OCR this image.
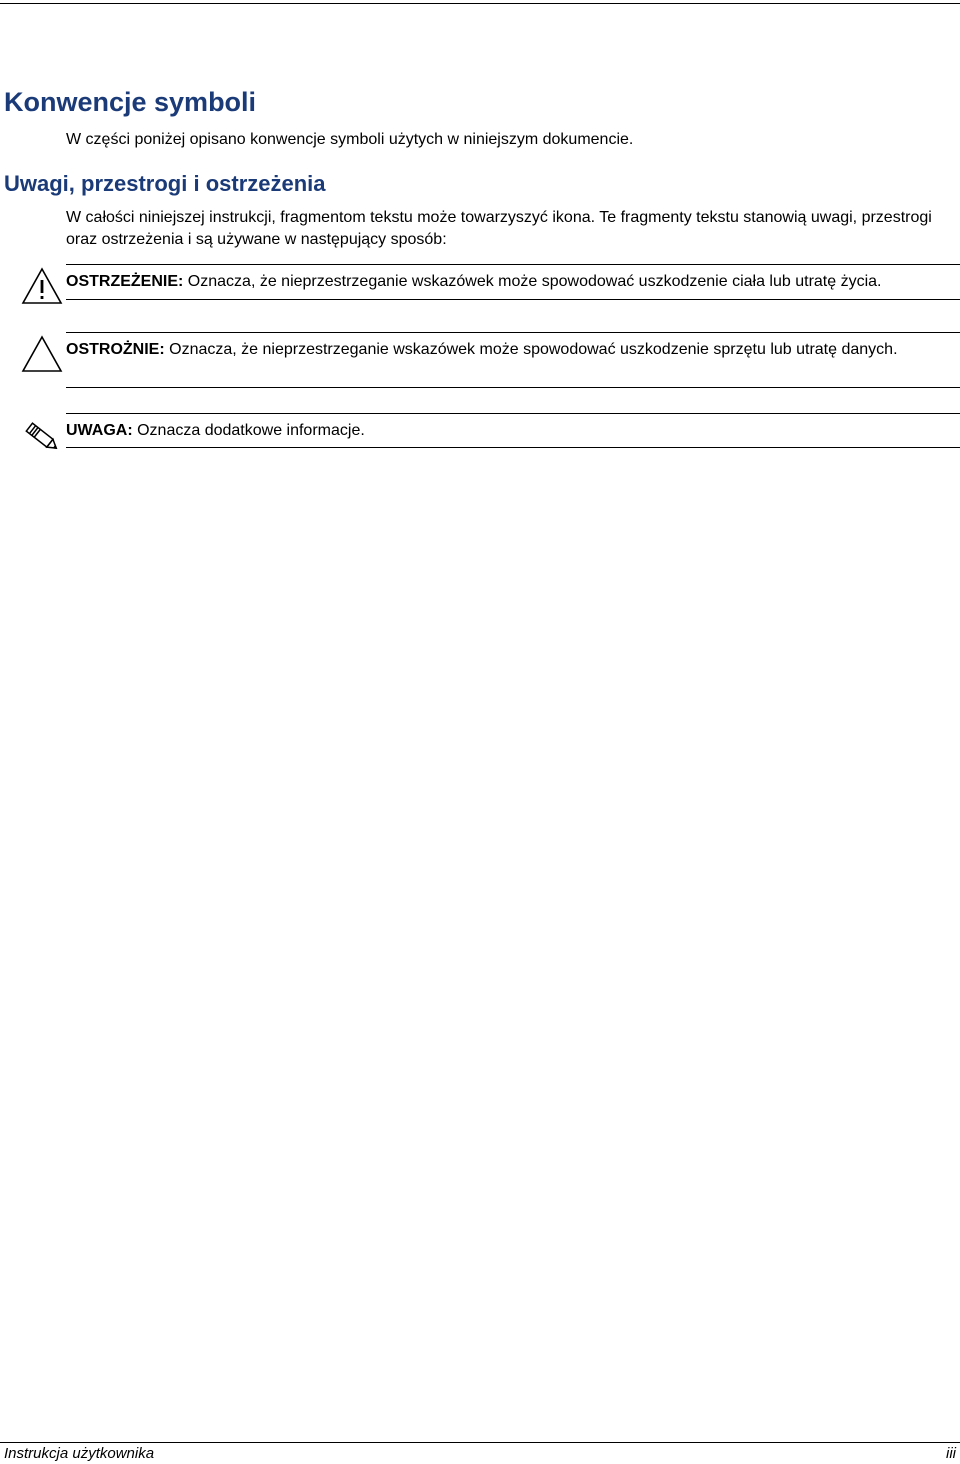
Konwencje symboli

W części poniżej opisano konwencje symboli użytych w niniejszym dokumencie.

Uwagi, przestrogi i ostrzeżenia

W całości niniejszej instrukcji, fragmentom tekstu może towarzyszyć ikona. Te fragmenty tekstu stanowią uwagi, przestrogi oraz ostrzeżenia i są używane w następujący sposób:

OSTRZEŻENIE: Oznacza, że nieprzestrzeganie wskazówek może spowodować uszkodzenie ciała lub utratę życia.

OSTROŻNIE: Oznacza, że nieprzestrzeganie wskazówek może spowodować uszkodzenie sprzętu lub utratę danych.

UWAGA: Oznacza dodatkowe informacje.

Instrukcja użytkownika	iii
